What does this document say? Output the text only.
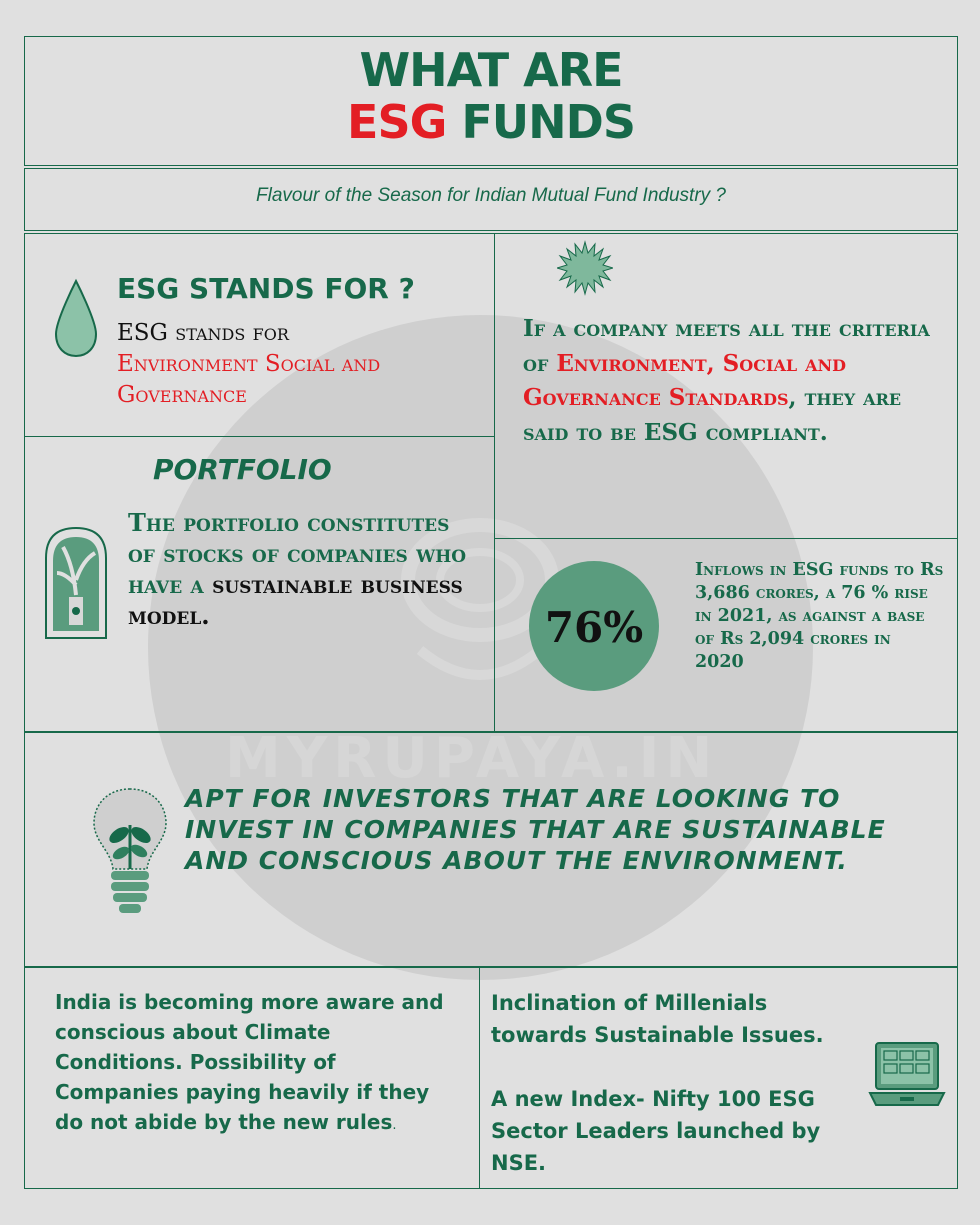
MYRUPAYA.IN
WHAT ARE
ESG FUNDS
Flavour of the Season for Indian Mutual Fund Industry ?
ESG STANDS FOR ?
ESG stands for
Environment Social and Governance
If a company meets all the criteria of Environment, Social and Governance Standards, they are said to be ESG compliant.
PORTFOLIO
The portfolio constitutes of stocks of companies who have a sustainable business model.	76%
Inflows in ESG funds to Rs 3,686 crores, a 76 % rise in 2021, as against a base of Rs 2,094 crores in 2020
APT FOR INVESTORS THAT ARE LOOKING TO INVEST IN COMPANIES THAT ARE SUSTAINABLE AND CONSCIOUS ABOUT THE ENVIRONMENT.
India is becoming more aware and conscious about Climate Conditions. Possibility of Companies paying heavily if they do not abide by the new rules.
Inclination of Millenials towards Sustainable Issues.
A new Index- Nifty 100 ESG Sector Leaders launched by NSE.
